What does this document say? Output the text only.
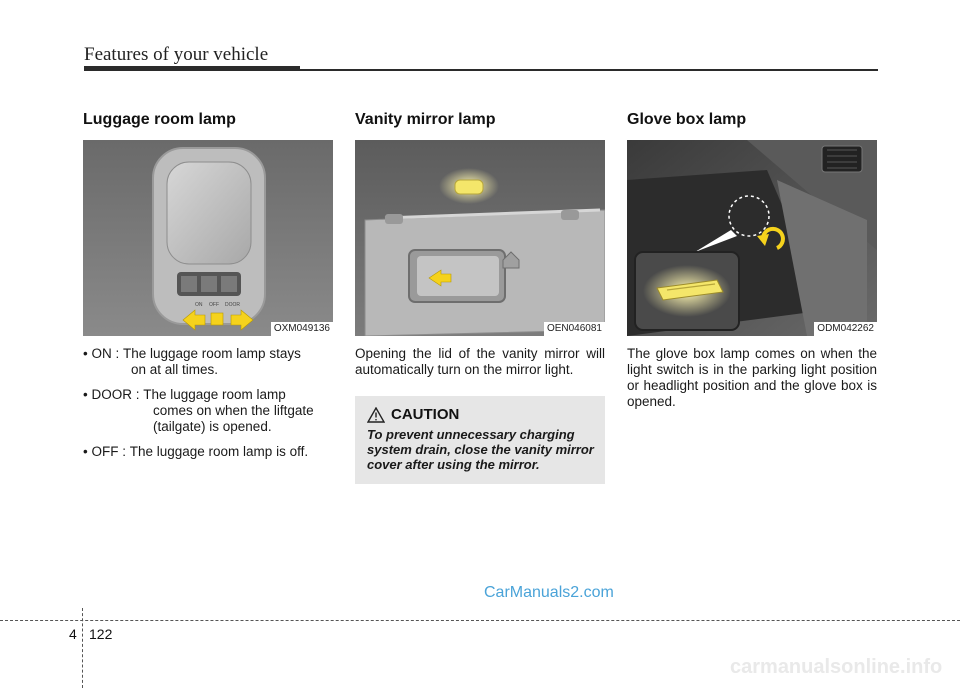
Features of your vehicle
Luggage room lamp
ON OFF DOOR
OXM049136
• ON : The luggage room lamp stays
on at all times.
• DOOR : The luggage room lamp
comes on when the liftgate (tailgate) is opened.
• OFF : The luggage room lamp is off.
Vanity mirror lamp
OEN046081

Opening the lid of the vanity mirror will automatically turn on the mirror light.

CAUTION
To prevent unnecessary charging system drain, close the vanity mirror cover after using the mirror.
Glove box lamp
ODM042262

The glove box lamp comes on when the light switch is in the parking light position or headlight position and the glove box is opened.

CarManuals2.com
4 122
carmanualsonline.info
